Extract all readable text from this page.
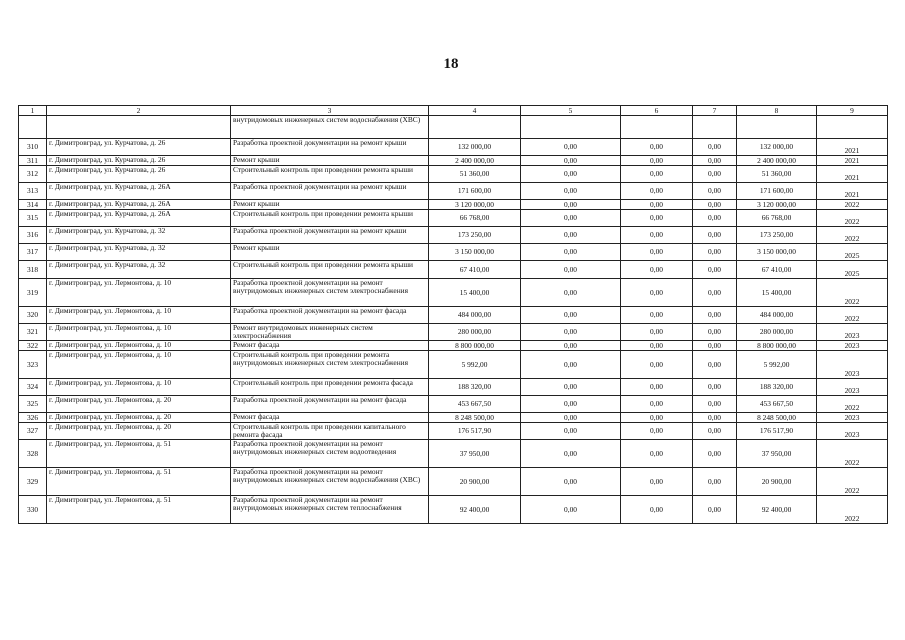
18
1	2	3	4	5	6	7	8	9
		внутридомовых инженерных систем водоснабжения (ХВС)						
310	г. Димитровград, ул. Курчатова, д. 26	Разработка проектной документации на ремонт крыши	132 000,00	0,00	0,00	0,00	132 000,00	2021
311	г. Димитровград, ул. Курчатова, д. 26	Ремонт крыши	2 400 000,00	0,00	0,00	0,00	2 400 000,00	2021
312	г. Димитровград, ул. Курчатова, д. 26	Строительный контроль при проведении ремонта крыши	51 360,00	0,00	0,00	0,00	51 360,00	2021
313	г. Димитровград, ул. Курчатова, д. 26А	Разработка проектной документации на ремонт крыши	171 600,00	0,00	0,00	0,00	171 600,00	2021
314	г. Димитровград, ул. Курчатова, д. 26А	Ремонт крыши	3 120 000,00	0,00	0,00	0,00	3 120 000,00	2022
315	г. Димитровград, ул. Курчатова, д. 26А	Строительный контроль при проведении ремонта крыши	66 768,00	0,00	0,00	0,00	66 768,00	2022
316	г. Димитровград, ул. Курчатова, д. 32	Разработка проектной документации на ремонт крыши	173 250,00	0,00	0,00	0,00	173 250,00	2022
317	г. Димитровград, ул. Курчатова, д. 32	Ремонт крыши	3 150 000,00	0,00	0,00	0,00	3 150 000,00	2025
318	г. Димитровград, ул. Курчатова, д. 32	Строительный контроль при проведении ремонта крыши	67 410,00	0,00	0,00	0,00	67 410,00	2025
319	г. Димитровград, ул. Лермонтова, д. 10	Разработка проектной документации на ремонт внутридомовых инженерных систем электроснабжения	15 400,00	0,00	0,00	0,00	15 400,00	2022
320	г. Димитровград, ул. Лермонтова, д. 10	Разработка проектной документации на ремонт фасада	484 000,00	0,00	0,00	0,00	484 000,00	2022
321	г. Димитровград, ул. Лермонтова, д. 10	Ремонт внутридомовых инженерных систем электроснабжения	280 000,00	0,00	0,00	0,00	280 000,00	2023
322	г. Димитровград, ул. Лермонтова, д. 10	Ремонт фасада	8 800 000,00	0,00	0,00	0,00	8 800 000,00	2023
323	г. Димитровград, ул. Лермонтова, д. 10	Строительный контроль при проведении ремонта внутридомовых инженерных систем электроснабжения	5 992,00	0,00	0,00	0,00	5 992,00	2023
324	г. Димитровград, ул. Лермонтова, д. 10	Строительный контроль при проведении ремонта фасада	188 320,00	0,00	0,00	0,00	188 320,00	2023
325	г. Димитровград, ул. Лермонтова, д. 20	Разработка проектной документации на ремонт фасада	453 667,50	0,00	0,00	0,00	453 667,50	2022
326	г. Димитровград, ул. Лермонтова, д. 20	Ремонт фасада	8 248 500,00	0,00	0,00	0,00	8 248 500,00	2023
327	г. Димитровград, ул. Лермонтова, д. 20	Строительный контроль при проведении капитального ремонта фасада	176 517,90	0,00	0,00	0,00	176 517,90	2023
328	г. Димитровград, ул. Лермонтова, д. 51	Разработка проектной документации на ремонт внутридомовых инженерных систем водоотведения	37 950,00	0,00	0,00	0,00	37 950,00	2022
329	г. Димитровград, ул. Лермонтова, д. 51	Разработка проектной документации на ремонт внутридомовых инженерных систем водоснабжения (ХВС)	20 900,00	0,00	0,00	0,00	20 900,00	2022
330	г. Димитровград, ул. Лермонтова, д. 51	Разработка проектной документации на ремонт внутридомовых инженерных систем теплоснабжения	92 400,00	0,00	0,00	0,00	92 400,00	2022
